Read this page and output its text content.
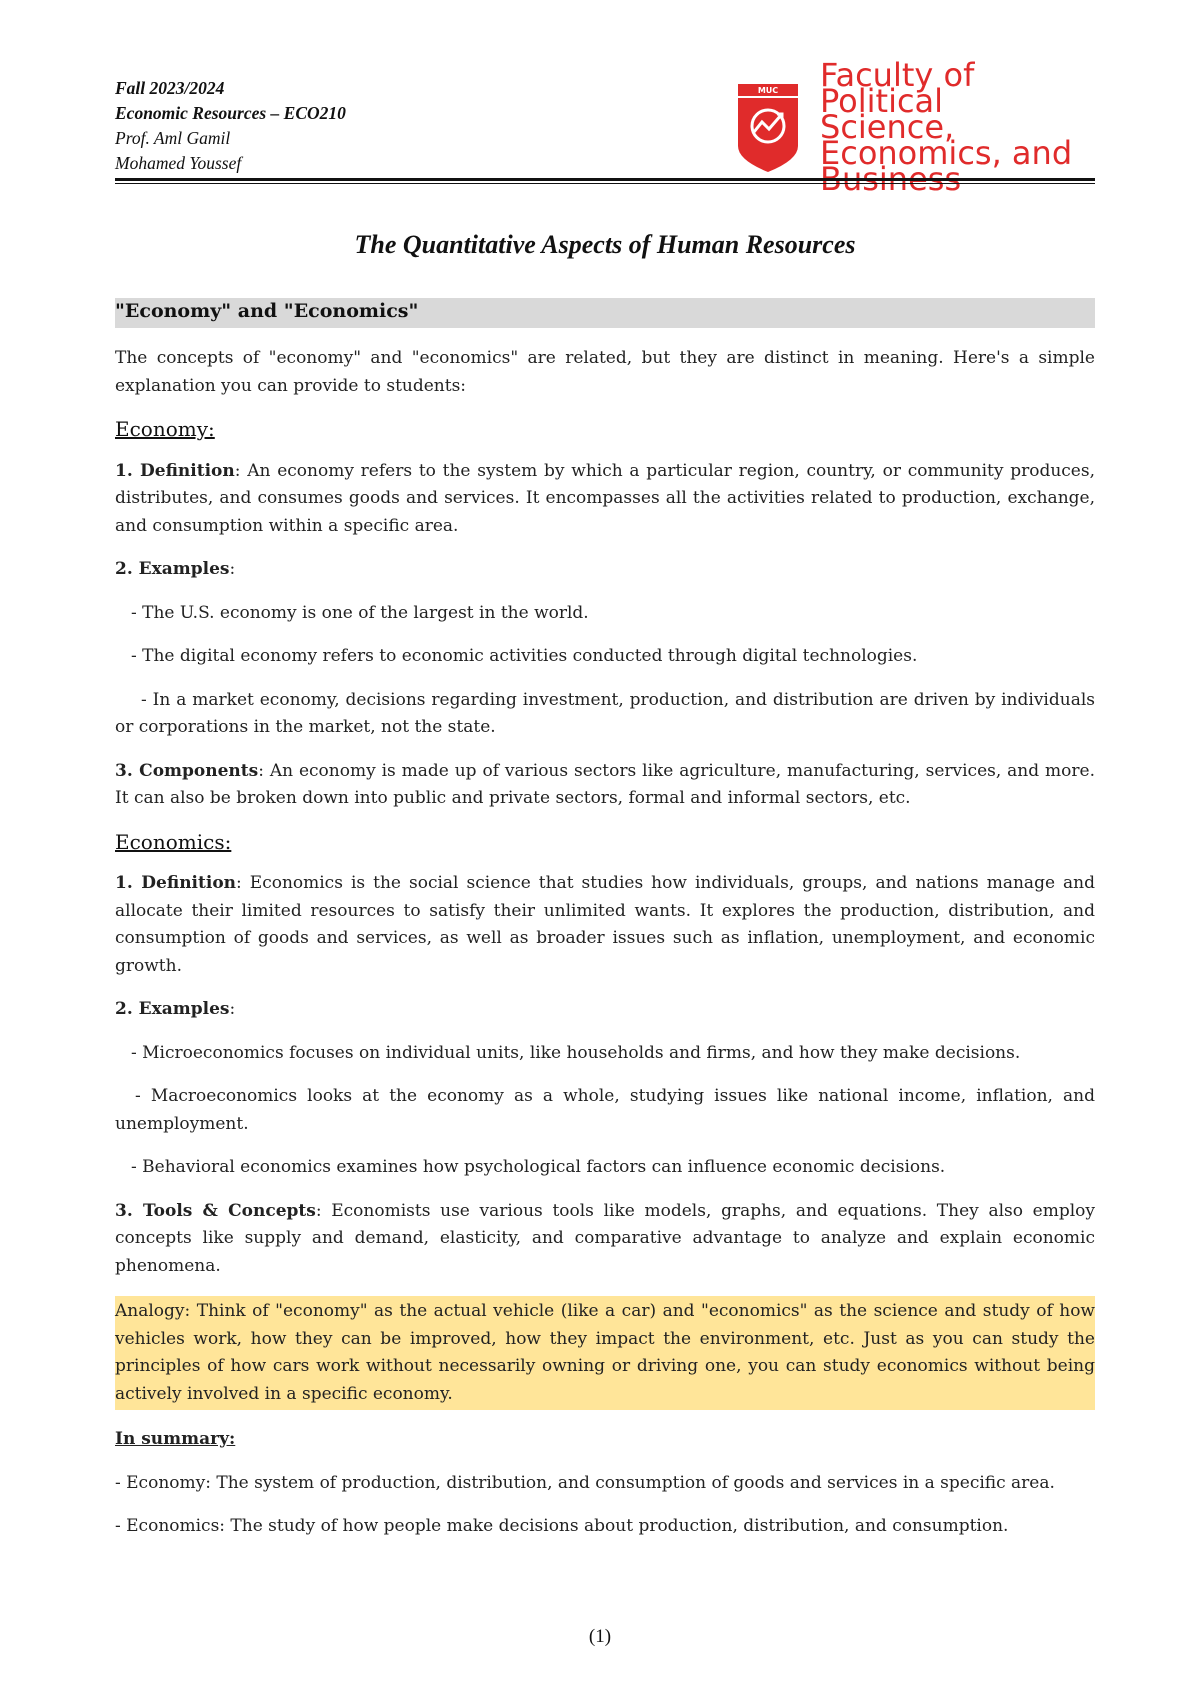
Fall 2023/2024
Economic Resources – ECO210
Prof. Aml Gamil
Mohamed Youssef
MUC Faculty of Political Science, Economics, and
The Quantitative Aspects of Human Resources
"Economy" and "Economics"

The concepts of "economy" and "economics" are related, but they are distinct in meaning. Here's a simple explanation you can provide to students:

Economy:

1. Definition: An economy refers to the system by which a particular region, country, or community produces, distributes, and consumes goods and services. It encompasses all the activities related to production, exchange, and consumption within a specific area.

2. Examples:

- The U.S. economy is one of the largest in the world.

- The digital economy refers to economic activities conducted through digital technologies.

- In a market economy, decisions regarding investment, production, and distribution are driven by individuals or corporations in the market, not the state.

3. Components: An economy is made up of various sectors like agriculture, manufacturing, services, and more. It can also be broken down into public and private sectors, formal and informal sectors, etc.

Economics:

1. Definition: Economics is the social science that studies how individuals, groups, and nations manage and allocate their limited resources to satisfy their unlimited wants. It explores the production, distribution, and consumption of goods and services, as well as broader issues such as inflation, unemployment, and economic growth.

2. Examples:

- Microeconomics focuses on individual units, like households and firms, and how they make decisions.

- Macroeconomics looks at the economy as a whole, studying issues like national income, inflation, and unemployment.

- Behavioral economics examines how psychological factors can influence economic decisions.

3. Tools & Concepts: Economists use various tools like models, graphs, and equations. They also employ concepts like supply and demand, elasticity, and comparative advantage to analyze and explain economic phenomena.

Analogy: Think of "economy" as the actual vehicle (like a car) and "economics" as the science and study of how vehicles work, how they can be improved, how they impact the environment, etc. Just as you can study the principles of how cars work without necessarily owning or driving one, you can study economics without being actively involved in a specific economy.

In summary:

- Economy: The system of production, distribution, and consumption of goods and services in a specific area.

- Economics: The study of how people make decisions about production, distribution, and consumption.

(1)
